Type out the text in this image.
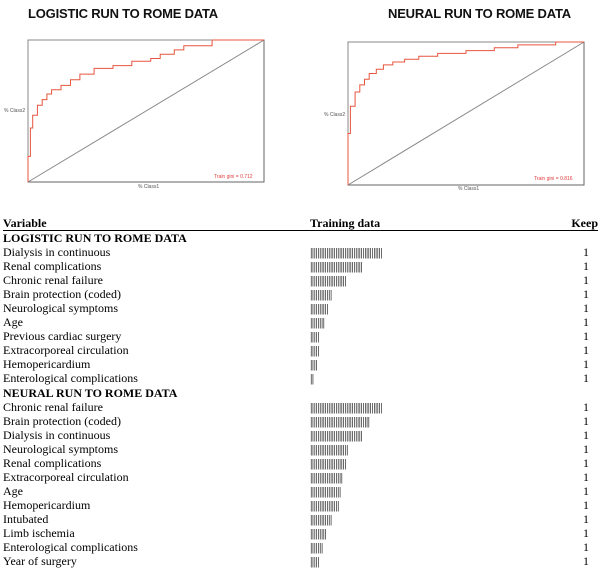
LOGISTIC RUN TO ROME DATA	NEURAL RUN TO ROME DATA
% Class2
% Class1
Train gini = 0.712
% Class2
% Class1
Train gini = 0.816
Variable	Training data	Keep
LOGISTIC RUN TO ROME DATA
Dialysis in continuous	||||||||||||||||||||||||||||||||||||||||	1
Renal complications	|||||||||||||||||||||||||||||	1
Chronic renal failure	||||||||||||||||||||	1
Brain protection (coded)	||||||||||||	1
Neurological symptoms	||||||||||	1
Age	||||||||	1
Previous cardiac surgery	|||||	1
Extracorporeal circulation	|||||	1
Hemopericardium	||||	1
Enterological complications	||	1
NEURAL RUN TO ROME DATA
Chronic renal failure	||||||||||||||||||||||||||||||||||||||||	1
Brain protection (coded)	|||||||||||||||||||||||||||||||||	1
Dialysis in continuous	|||||||||||||||||||||||||||||	1
Neurological symptoms	|||||||||||||||||||||	1
Renal complications	||||||||||||||||||||	1
Extracorporeal circulation	||||||||||||||||||	1
Age	|||||||||||||||||	1
Hemopericardium	||||||||||||||||	1
Intubated	||||||||||||	1
Limb ischemia	|||||||||	1
Enterological complications	|||||||	1
Year of surgery	|||||	1
